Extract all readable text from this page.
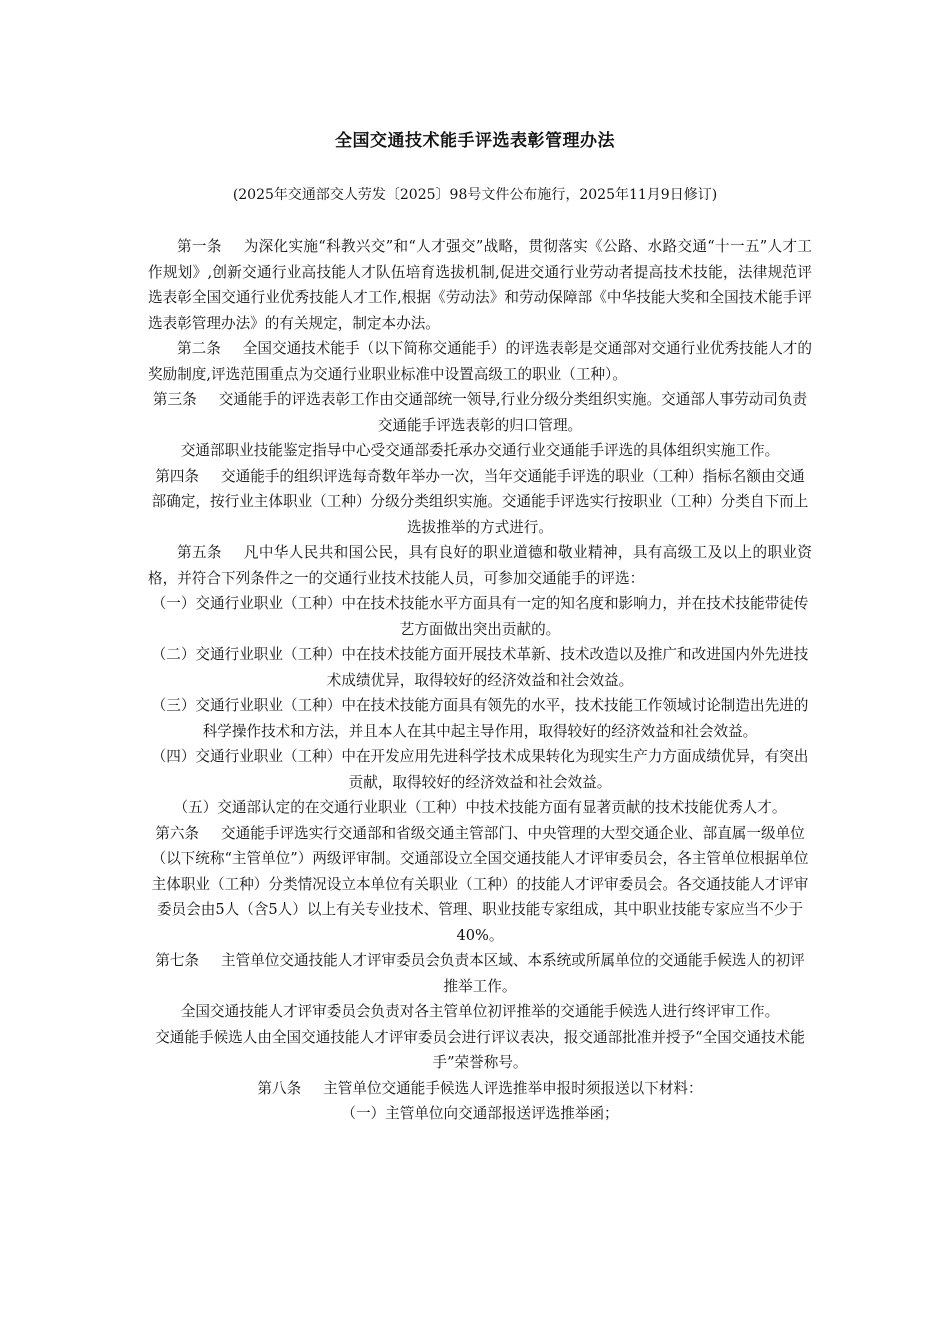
全国交通技术能手评选表彰管理办法

(2025年交通部交人劳发〔2025〕98号文件公布施行，2025年11月9日修订)

第一条 为深化实施“科教兴交”和“人才强交”战略，贯彻落实《公路、水路交通“十一五”人才工作规划》,创新交通行业高技能人才队伍培育选拔机制,促进交通行业劳动者提高技术技能，法律规范评选表彰全国交通行业优秀技能人才工作,根据《劳动法》和劳动保障部《中华技能大奖和全国技术能手评选表彰管理办法》的有关规定，制定本办法。

第二条 全国交通技术能手（以下简称交通能手）的评选表彰是交通部对交通行业优秀技能人才的奖励制度,评选范围重点为交通行业职业标准中设置高级工的职业（工种）。

第三条 交通能手的评选表彰工作由交通部统一领导,行业分级分类组织实施。交通部人事劳动司负责交通能手评选表彰的归口管理。

交通部职业技能鉴定指导中心受交通部委托承办交通行业交通能手评选的具体组织实施工作。

第四条 交通能手的组织评选每奇数年举办一次，当年交通能手评选的职业（工种）指标名额由交通部确定，按行业主体职业（工种）分级分类组织实施。交通能手评选实行按职业（工种）分类自下而上选拔推举的方式进行。

第五条 凡中华人民共和国公民，具有良好的职业道德和敬业精神，具有高级工及以上的职业资格，并符合下列条件之一的交通行业技术技能人员，可参加交通能手的评选：

（一）交通行业职业（工种）中在技术技能水平方面具有一定的知名度和影响力，并在技术技能带徒传艺方面做出突出贡献的。

（二）交通行业职业（工种）中在技术技能方面开展技术革新、技术改造以及推广和改进国内外先进技术成绩优异，取得较好的经济效益和社会效益。

（三）交通行业职业（工种）中在技术技能方面具有领先的水平，技术技能工作领域讨论制造出先进的科学操作技术和方法，并且本人在其中起主导作用，取得较好的经济效益和社会效益。

（四）交通行业职业（工种）中在开发应用先进科学技术成果转化为现实生产力方面成绩优异，有突出贡献，取得较好的经济效益和社会效益。

（五）交通部认定的在交通行业职业（工种）中技术技能方面有显著贡献的技术技能优秀人才。

第六条 交通能手评选实行交通部和省级交通主管部门、中央管理的大型交通企业、部直属一级单位（以下统称“主管单位”）两级评审制。交通部设立全国交通技能人才评审委员会，各主管单位根据单位主体职业（工种）分类情况设立本单位有关职业（工种）的技能人才评审委员会。各交通技能人才评审委员会由5人（含5人）以上有关专业技术、管理、职业技能专家组成，其中职业技能专家应当不少于40%。

第七条 主管单位交通技能人才评审委员会负责本区域、本系统或所属单位的交通能手候选人的初评推举工作。

全国交通技能人才评审委员会负责对各主管单位初评推举的交通能手候选人进行终评审工作。

交通能手候选人由全国交通技能人才评审委员会进行评议表决，报交通部批准并授予“全国交通技术能手”荣誉称号。

第八条 主管单位交通能手候选人评选推举申报时须报送以下材料：

（一）主管单位向交通部报送评选推举函；
